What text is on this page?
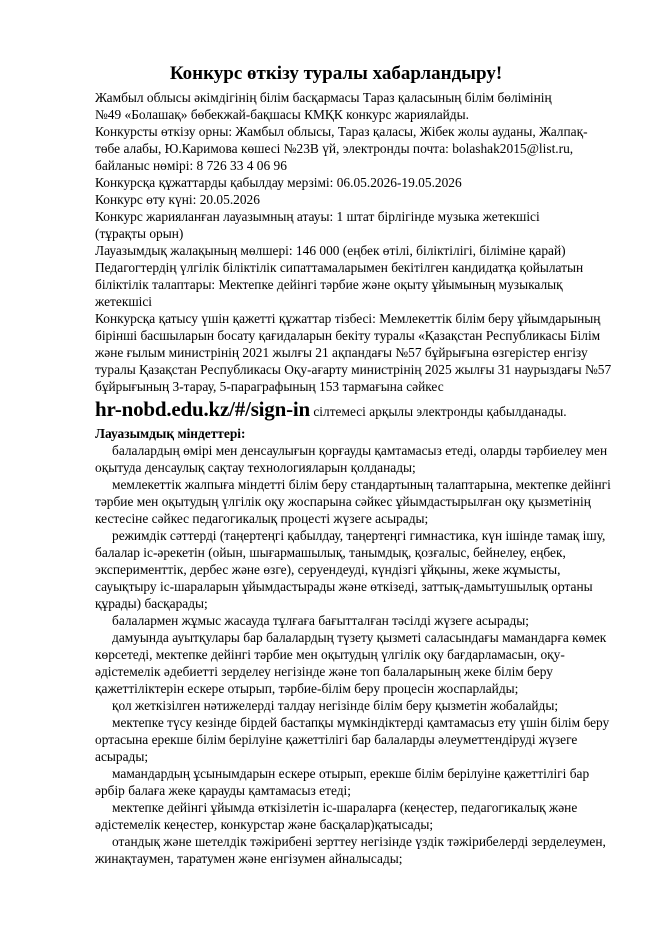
Конкурс өткізу туралы хабарландыру!

Жамбыл облысы әкімдігінің білім басқармасы Тараз қаласының білім бөлімінің

№49 «Болашақ» бөбекжай-бақшасы КМҚК конкурс жариялайды.

Конкурсты өткізу орны: Жамбыл облысы, Тараз қаласы, Жібек жолы ауданы, Жалпақ-

төбе алабы, Ю.Каримова көшесі №23В үй, электронды почта: bolashak2015@list.ru,

байланыс нөмірі: 8 726 33 4 06 96

Конкурсқа құжаттарды қабылдау мерзімі: 06.05.2026-19.05.2026

Конкурс өту күні: 20.05.2026

Конкурс жарияланған лауазымның атауы: 1 штат бірлігінде музыка жетекшісі

(тұрақты орын)

Лауазымдық жалақының мөлшері: 146 000 (еңбек өтілі, біліктілігі, біліміне қарай)

Педагогтердің үлгілік біліктілік сипаттамаларымен бекітілген кандидатқа қойылатын

біліктілік талаптары: Мектепке дейінгі тәрбие және оқыту ұйымының музыкалық

жетекшісі

Конкурсқа қатысу үшін қажетті құжаттар тізбесі: Мемлекеттік білім беру ұйымдарының

бірінші басшыларын босату қағидаларын бекіту туралы «Қазақстан Республикасы Білім

және ғылым министрінің 2021 жылғы 21 ақпандағы №57 бұйрығына өзгерістер енгізу

туралы Қазақстан Республикасы Оқу-ағарту министрінің 2025 жылғы 31 наурыздағы №57

бұйрығының 3-тарау, 5-параграфының 153 тармағына сәйкес

hr-nobd.edu.kz/#/sign-in сілтемесі арқылы электронды қабылданады.

Лауазымдық міндеттері:

балалардың өмірі мен денсаулығын қорғауды қамтамасыз етеді, оларды тәрбиелеу мен

оқытуда денсаулық сақтау технологияларын қолданады;

мемлекеттік жалпыға міндетті білім беру стандартының талаптарына, мектепке дейінгі

тәрбие мен оқытудың үлгілік оқу жоспарына сәйкес ұйымдастырылған оқу қызметінің

кестесіне сәйкес педагогикалық процесті жүзеге асырады;

режимдік сәттерді (таңертеңгі қабылдау, таңертеңгі гимнастика, күн ішінде тамақ ішу,

балалар іс-әрекетін (ойын, шығармашылық, танымдық, қозғалыс, бейнелеу, еңбек,

эксперименттік, дербес және өзге), серуендеуді, күндізгі ұйқыны, жеке жұмысты,

сауықтыру іс-шараларын ұйымдастырады және өткізеді, заттық-дамытушылық ортаны

құрады) басқарады;

балалармен жұмыс жасауда тұлғаға бағытталған тәсілді жүзеге асырады;

дамуында ауытқулары бар балалардың түзету қызметі саласындағы мамандарға көмек

көрсетеді, мектепке дейінгі тәрбие мен оқытудың үлгілік оқу бағдарламасын, оқу-

әдістемелік әдебиетті зерделеу негізінде және топ балаларының жеке білім беру

қажеттіліктерін ескере отырып, тәрбие-білім беру процесін жоспарлайды;

қол жеткізілген нәтижелерді талдау негізінде білім беру қызметін жобалайды;

мектепке түсу кезінде бірдей бастапқы мүмкіндіктерді қамтамасыз ету үшін білім беру

ортасына ерекше білім берілуіне қажеттілігі бар балаларды әлеуметтендіруді жүзеге

асырады;

мамандардың ұсынымдарын ескере отырып, ерекше білім берілуіне қажеттілігі бар

әрбір балаға жеке қарауды қамтамасыз етеді;

мектепке дейінгі ұйымда өткізілетін іс-шараларға (кеңестер, педагогикалық және

әдістемелік кеңестер, конкурстар және басқалар)қатысады;

отандық және шетелдік тәжірибені зерттеу негізінде үздік тәжірибелерді зерделеумен,

жинақтаумен, таратумен және енгізумен айналысады;
